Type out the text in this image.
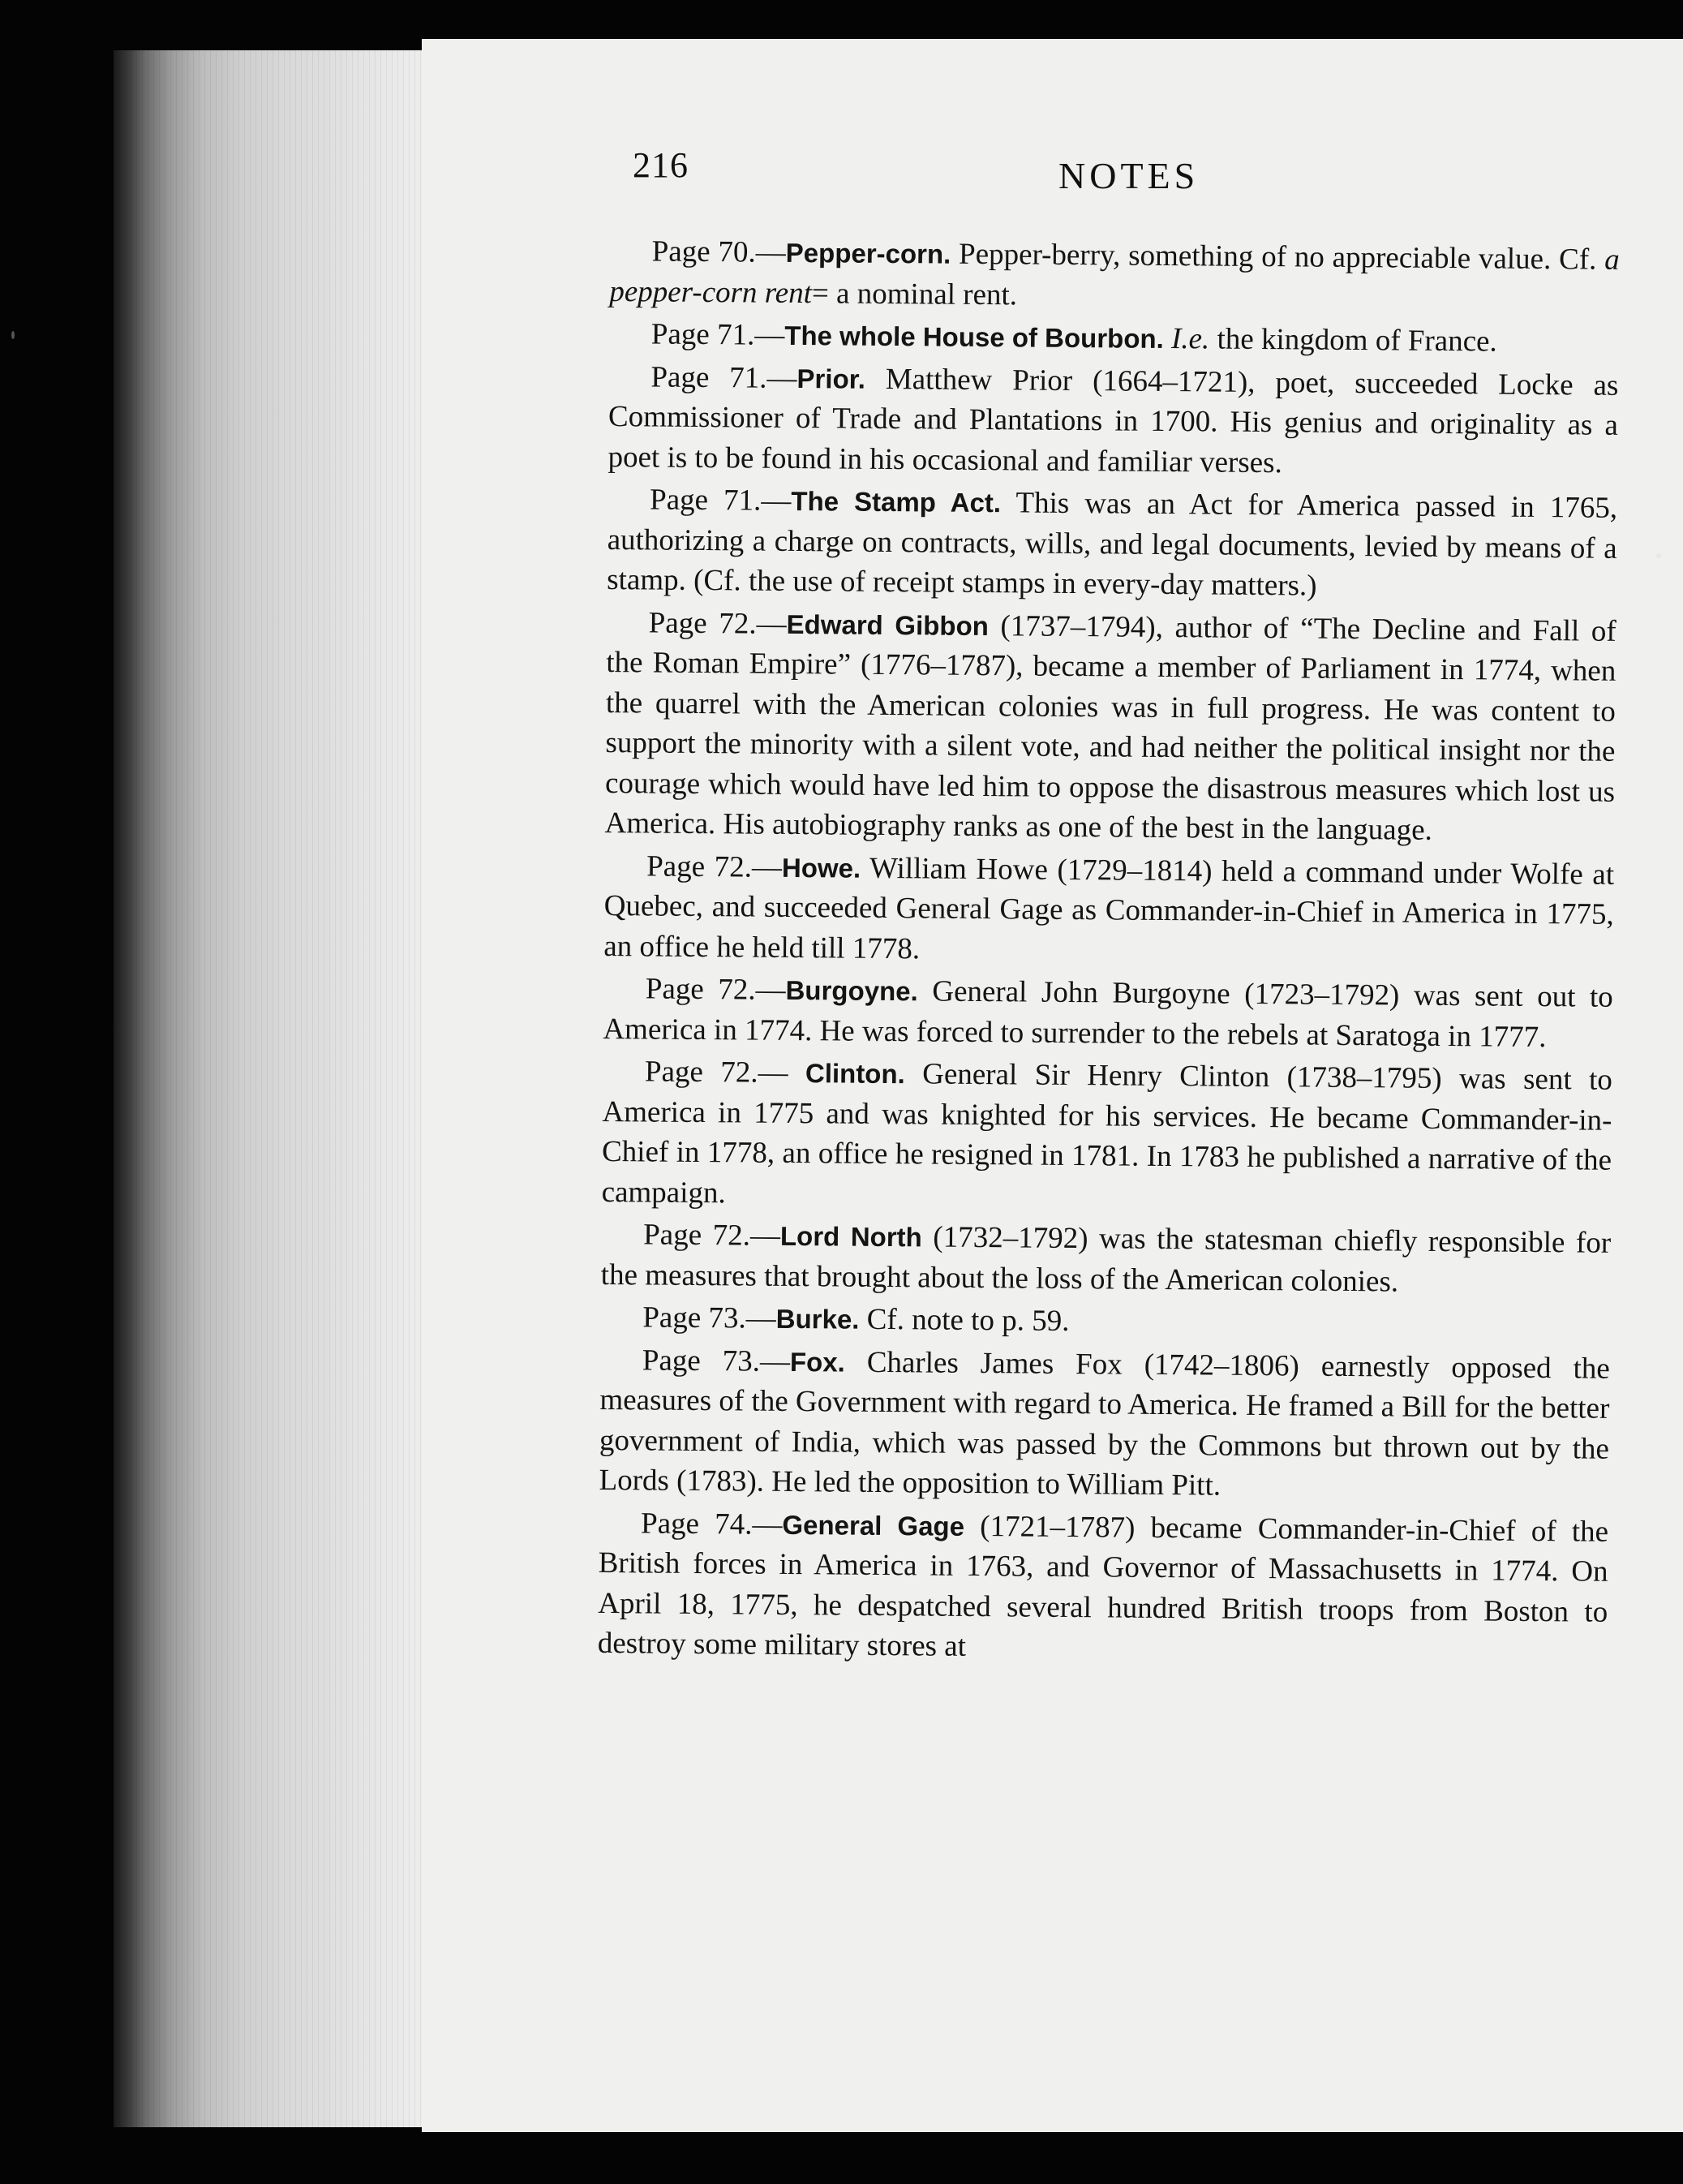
216	NOTES

Page 70.—Pepper-corn. Pepper-berry, something of no appreciable value. Cf. a pepper-corn rent= a nominal rent.

Page 71.—The whole House of Bourbon. I.e. the kingdom of France.

Page 71.—Prior. Matthew Prior (1664–1721), poet, succeeded Locke as Commissioner of Trade and Plantations in 1700. His genius and originality as a poet is to be found in his occasional and familiar verses.

Page 71.—The Stamp Act. This was an Act for America passed in 1765, authorizing a charge on contracts, wills, and legal documents, levied by means of a stamp. (Cf. the use of receipt stamps in every-day matters.)

Page 72.—Edward Gibbon (1737–1794), author of “The Decline and Fall of the Roman Empire” (1776–1787), became a member of Parliament in 1774, when the quarrel with the American colonies was in full progress. He was content to support the minority with a silent vote, and had neither the political insight nor the courage which would have led him to oppose the disastrous measures which lost us America. His autobiography ranks as one of the best in the language.

Page 72.—Howe. William Howe (1729–1814) held a command under Wolfe at Quebec, and succeeded General Gage as Commander-in-Chief in America in 1775, an office he held till 1778.

Page 72.—Burgoyne. General John Burgoyne (1723–1792) was sent out to America in 1774. He was forced to surrender to the rebels at Saratoga in 1777.

Page 72.— Clinton. General Sir Henry Clinton (1738–1795) was sent to America in 1775 and was knighted for his services. He became Commander-in-Chief in 1778, an office he resigned in 1781. In 1783 he published a narrative of the campaign.

Page 72.—Lord North (1732–1792) was the statesman chiefly responsible for the measures that brought about the loss of the American colonies.

Page 73.—Burke. Cf. note to p. 59.

Page 73.—Fox. Charles James Fox (1742–1806) earnestly opposed the measures of the Government with regard to America. He framed a Bill for the better government of India, which was passed by the Commons but thrown out by the Lords (1783). He led the opposition to William Pitt.

Page 74.—General Gage (1721–1787) became Commander-in-Chief of the British forces in America in 1763, and Governor of Massachusetts in 1774. On April 18, 1775, he despatched several hundred British troops from Boston to destroy some military stores at
